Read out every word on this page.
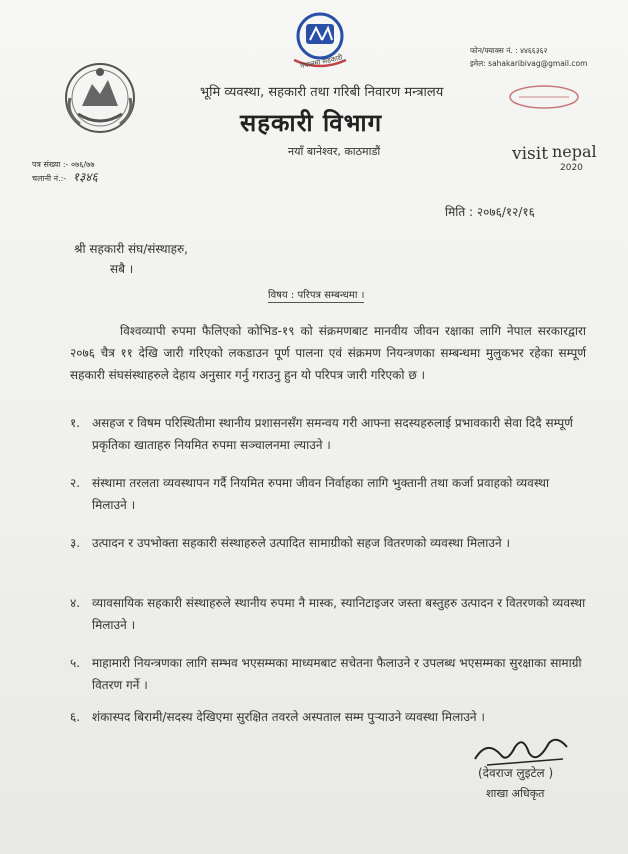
नेपालमा सहकारी
भूमि व्यवस्था, सहकारी तथा गरिबी निवारण मन्त्रालय
सहकारी विभाग
नयाँ बानेश्वर, काठमाडौं
फोन/फ्याक्स नं. : ४४६६३६२
इमेल: sahakaribivag@gmail.com
visit nepal
2020
पत्र संख्या :- ०७६/७७
चलानी नं.:- १३४६
मिति : २०७६/१२/१६
श्री सहकारी संघ/संस्थाहरु,
सबै ।
विषय : परिपत्र सम्बन्धमा ।
विश्वव्यापी रुपमा फैलिएको कोभिड-१९ को संक्रमणबाट मानवीय जीवन रक्षाका लागि नेपाल सरकारद्वारा २०७६ चैत्र ११ देखि जारी गरिएको लकडाउन पूर्ण पालना एवं संक्रमण नियन्त्रणका सम्बन्धमा मुलुकभर रहेका सम्पूर्ण सहकारी संघसंस्थाहरुले देहाय अनुसार गर्नु गराउनु हुन यो परिपत्र जारी गरिएको छ ।
१. असहज र विषम परिस्थितीमा स्थानीय प्रशासनसँग समन्वय गरी आफ्ना सदस्यहरुलाई प्रभावकारी सेवा दिदै सम्पूर्ण प्रकृतिका खाताहरु नियमित रुपमा सञ्चालनमा ल्याउने ।
२. संस्थामा तरलता व्यवस्थापन गर्दै नियमित रुपमा जीवन निर्वाहका लागि भुक्तानी तथा कर्जा प्रवाहको व्यवस्था मिलाउने ।
३. उत्पादन र उपभोक्ता सहकारी संस्थाहरुले उत्पादित सामाग्रीको सहज वितरणको व्यवस्था मिलाउने ।
४. व्यावसायिक सहकारी संस्थाहरुले स्थानीय रुपमा नै मास्क, स्यानिटाइजर जस्ता बस्तुहरु उत्पादन र वितरणको व्यवस्था मिलाउने ।
५. माहामारी नियन्त्रणका लागि सम्भव भएसम्मका माध्यमबाट सचेतना फैलाउने र उपलब्ध भएसम्मका सुरक्षाका सामाग्री वितरण गर्ने ।
६. शंकास्पद बिरामी/सदस्य देखिएमा सुरक्षित तवरले अस्पताल सम्म पुऱ्याउने व्यवस्था मिलाउने ।
(देवराज लुइटेल )
शाखा अधिकृत
